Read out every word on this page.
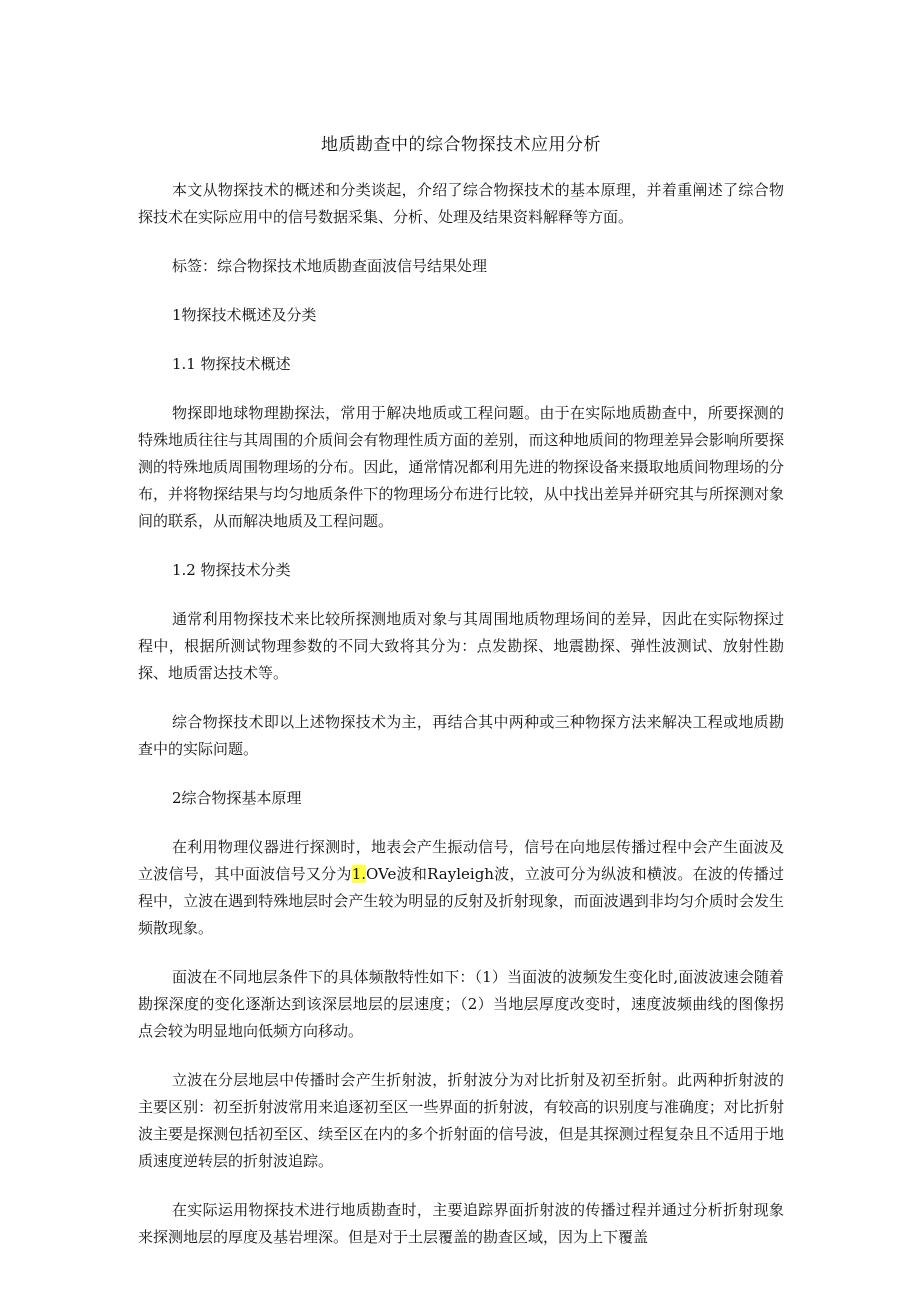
地质勘查中的综合物探技术应用分析

本文从物探技术的概述和分类谈起，介绍了综合物探技术的基本原理，并着重阐述了综合物探技术在实际应用中的信号数据采集、分析、处理及结果资料解释等方面。

标签：综合物探技术地质勘查面波信号结果处理

1物探技术概述及分类

1.1 物探技术概述

物探即地球物理勘探法，常用于解决地质或工程问题。由于在实际地质勘查中，所要探测的特殊地质往往与其周围的介质间会有物理性质方面的差别，而这种地质间的物理差异会影响所要探测的特殊地质周围物理场的分布。因此，通常情况都利用先进的物探设备来摄取地质间物理场的分布，并将物探结果与均匀地质条件下的物理场分布进行比较，从中找出差异并研究其与所探测对象间的联系，从而解决地质及工程问题。

1.2 物探技术分类

通常利用物探技术来比较所探测地质对象与其周围地质物理场间的差异，因此在实际物探过程中，根据所测试物理参数的不同大致将其分为：点发勘探、地震勘探、弹性波测试、放射性勘探、地质雷达技术等。

综合物探技术即以上述物探技术为主，再结合其中两种或三种物探方法来解决工程或地质勘查中的实际问题。

2综合物探基本原理

在利用物理仪器进行探测时，地表会产生振动信号，信号在向地层传播过程中会产生面波及立波信号，其中面波信号又分为1.OVe波和Rayleigh波，立波可分为纵波和横波。在波的传播过程中，立波在遇到特殊地层时会产生较为明显的反射及折射现象，而面波遇到非均匀介质时会发生频散现象。

面波在不同地层条件下的具体频散特性如下：（1）当面波的波频发生变化时,面波波速会随着勘探深度的变化逐渐达到该深层地层的层速度；（2）当地层厚度改变时，速度波频曲线的图像拐点会较为明显地向低频方向移动。

立波在分层地层中传播时会产生折射波，折射波分为对比折射及初至折射。此两种折射波的主要区别：初至折射波常用来追逐初至区一些界面的折射波，有较高的识别度与准确度；对比折射波主要是探测包括初至区、续至区在内的多个折射面的信号波，但是其探测过程复杂且不适用于地质速度逆转层的折射波追踪。

在实际运用物探技术进行地质勘查时，主要追踪界面折射波的传播过程并通过分析折射现象来探测地层的厚度及基岩埋深。但是对于土层覆盖的勘查区域，因为上下覆盖
